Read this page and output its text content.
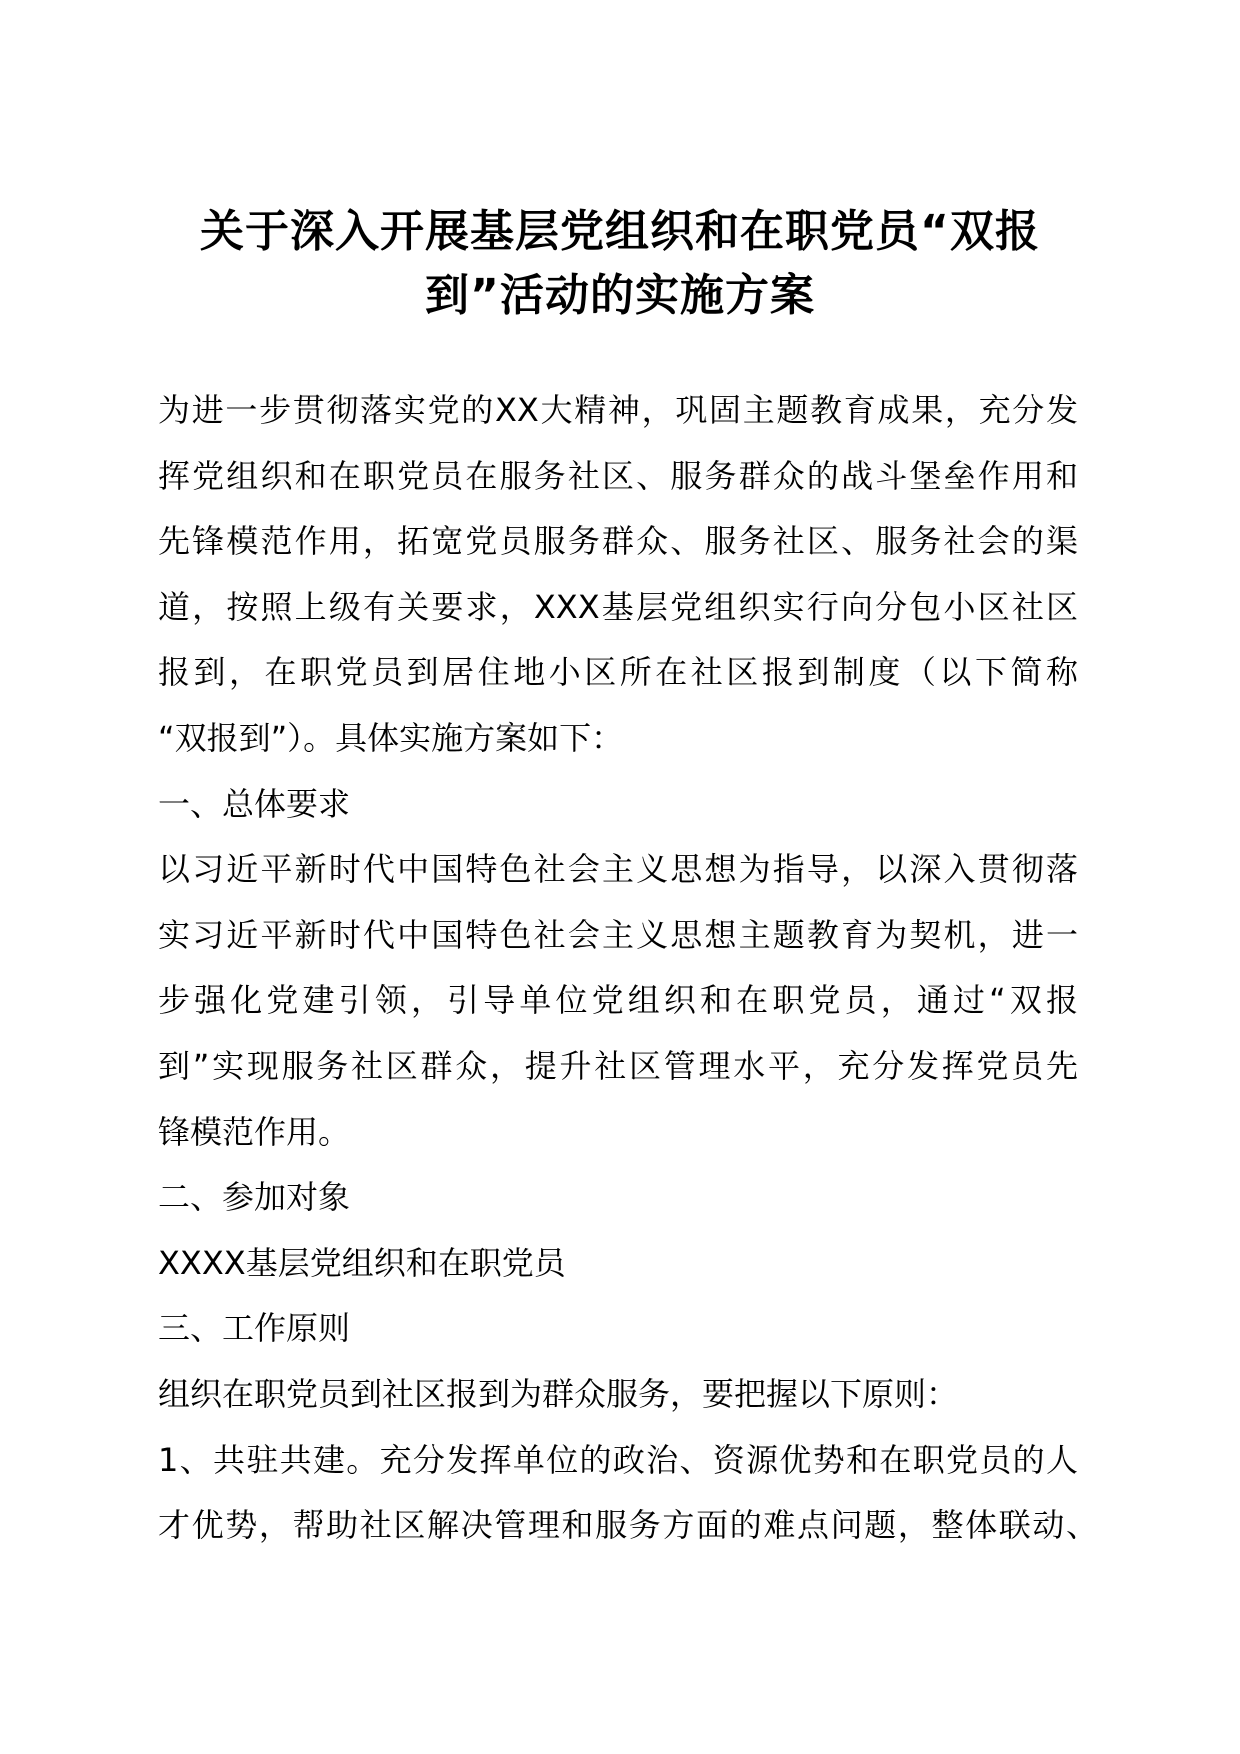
关于深入开展基层党组织和在职党员“双报
到”活动的实施方案
为进一步贯彻落实党的XX大精神，巩固主题教育成果，充分发
挥党组织和在职党员在服务社区、服务群众的战斗堡垒作用和
先锋模范作用，拓宽党员服务群众、服务社区、服务社会的渠
道，按照上级有关要求，XXX基层党组织实行向分包小区社区
报到，在职党员到居住地小区所在社区报到制度（以下简称
“双报到”）。具体实施方案如下：
一、总体要求
以习近平新时代中国特色社会主义思想为指导，以深入贯彻落
实习近平新时代中国特色社会主义思想主题教育为契机，进一
步强化党建引领，引导单位党组织和在职党员，通过“双报
到”实现服务社区群众，提升社区管理水平，充分发挥党员先
锋模范作用。
二、参加对象
XXXX基层党组织和在职党员
三、工作原则
组织在职党员到社区报到为群众服务，要把握以下原则：
1、共驻共建。充分发挥单位的政治、资源优势和在职党员的人
才优势，帮助社区解决管理和服务方面的难点问题，整体联动、
